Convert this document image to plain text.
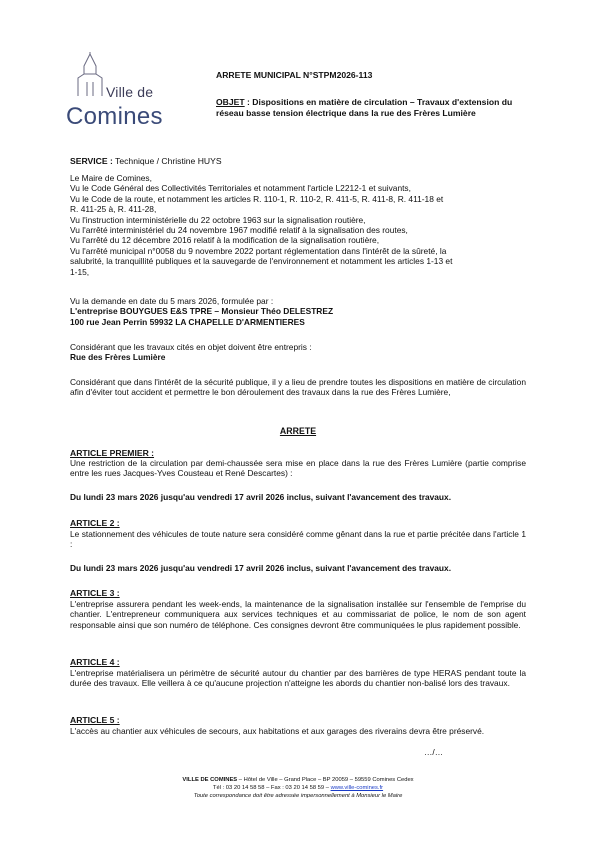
Ville de
Comines
ARRETE MUNICIPAL N°STPM2026-113
OBJET : Dispositions en matière de circulation – Travaux d'extension du réseau basse tension électrique dans la rue des Frères Lumière
SERVICE : Technique / Christine HUYS
Le Maire de Comines,
Vu le Code Général des Collectivités Territoriales et notamment l'article L2212-1 et suivants,
Vu le Code de la route, et notamment les articles R. 110-1, R. 110-2, R. 411-5, R. 411-8, R. 411-18 et
R. 411-25 à, R. 411-28,
Vu l'instruction interministérielle du 22 octobre 1963 sur la signalisation routière,
Vu l'arrêté interministériel du 24 novembre 1967 modifié relatif à la signalisation des routes,
Vu l'arrêté du 12 décembre 2016 relatif à la modification de la signalisation routière,
Vu l'arrêté municipal n°0058 du 9 novembre 2022 portant réglementation dans l'intérêt de la sûreté, la
salubrité, la tranquillité publiques et la sauvegarde de l'environnement et notamment les articles 1-13 et
1-15,
Vu la demande en date du 5 mars 2026, formulée par :
L'entreprise BOUYGUES E&S TPRE – Monsieur Théo DELESTREZ
100 rue Jean Perrin 59932 LA CHAPELLE D'ARMENTIERES
Considérant que les travaux cités en objet doivent être entrepris :
Rue des Frères Lumière
Considérant que dans l'intérêt de la sécurité publique, il y a lieu de prendre toutes les dispositions en matière de circulation afin d'éviter tout accident et permettre le bon déroulement des travaux dans la rue des Frères Lumière,
ARRETE
ARTICLE PREMIER :
Une restriction de la circulation par demi-chaussée sera mise en place dans la rue des Frères Lumière (partie comprise entre les rues Jacques-Yves Cousteau et René Descartes) :
Du lundi 23 mars 2026 jusqu'au vendredi 17 avril 2026 inclus, suivant l'avancement des travaux.
ARTICLE 2 :
Le stationnement des véhicules de toute nature sera considéré comme gênant dans la rue et partie précitée dans l'article 1 :
Du lundi 23 mars 2026 jusqu'au vendredi 17 avril 2026 inclus, suivant l'avancement des travaux.
ARTICLE 3 :
L'entreprise assurera pendant les week-ends, la maintenance de la signalisation installée sur l'ensemble de l'emprise du chantier. L'entrepreneur communiquera aux services techniques et au commissariat de police, le nom de son agent responsable ainsi que son numéro de téléphone. Ces consignes devront être communiquées le plus rapidement possible.
ARTICLE 4 :
L'entreprise matérialisera un périmètre de sécurité autour du chantier par des barrières de type HERAS pendant toute la durée des travaux. Elle veillera à ce qu'aucune projection n'atteigne les abords du chantier non-balisé lors des travaux.
ARTICLE 5 :
L'accès au chantier aux véhicules de secours, aux habitations et aux garages des riverains devra être préservé.
…/…
VILLE DE COMINES – Hôtel de Ville – Grand Place – BP 20059 – 59559 Comines Cedex
Tél : 03 20 14 58 58 – Fax : 03 20 14 58 59 – www.ville-comines.fr
Toute correspondance doit être adressée impersonnellement à Monsieur le Maire
